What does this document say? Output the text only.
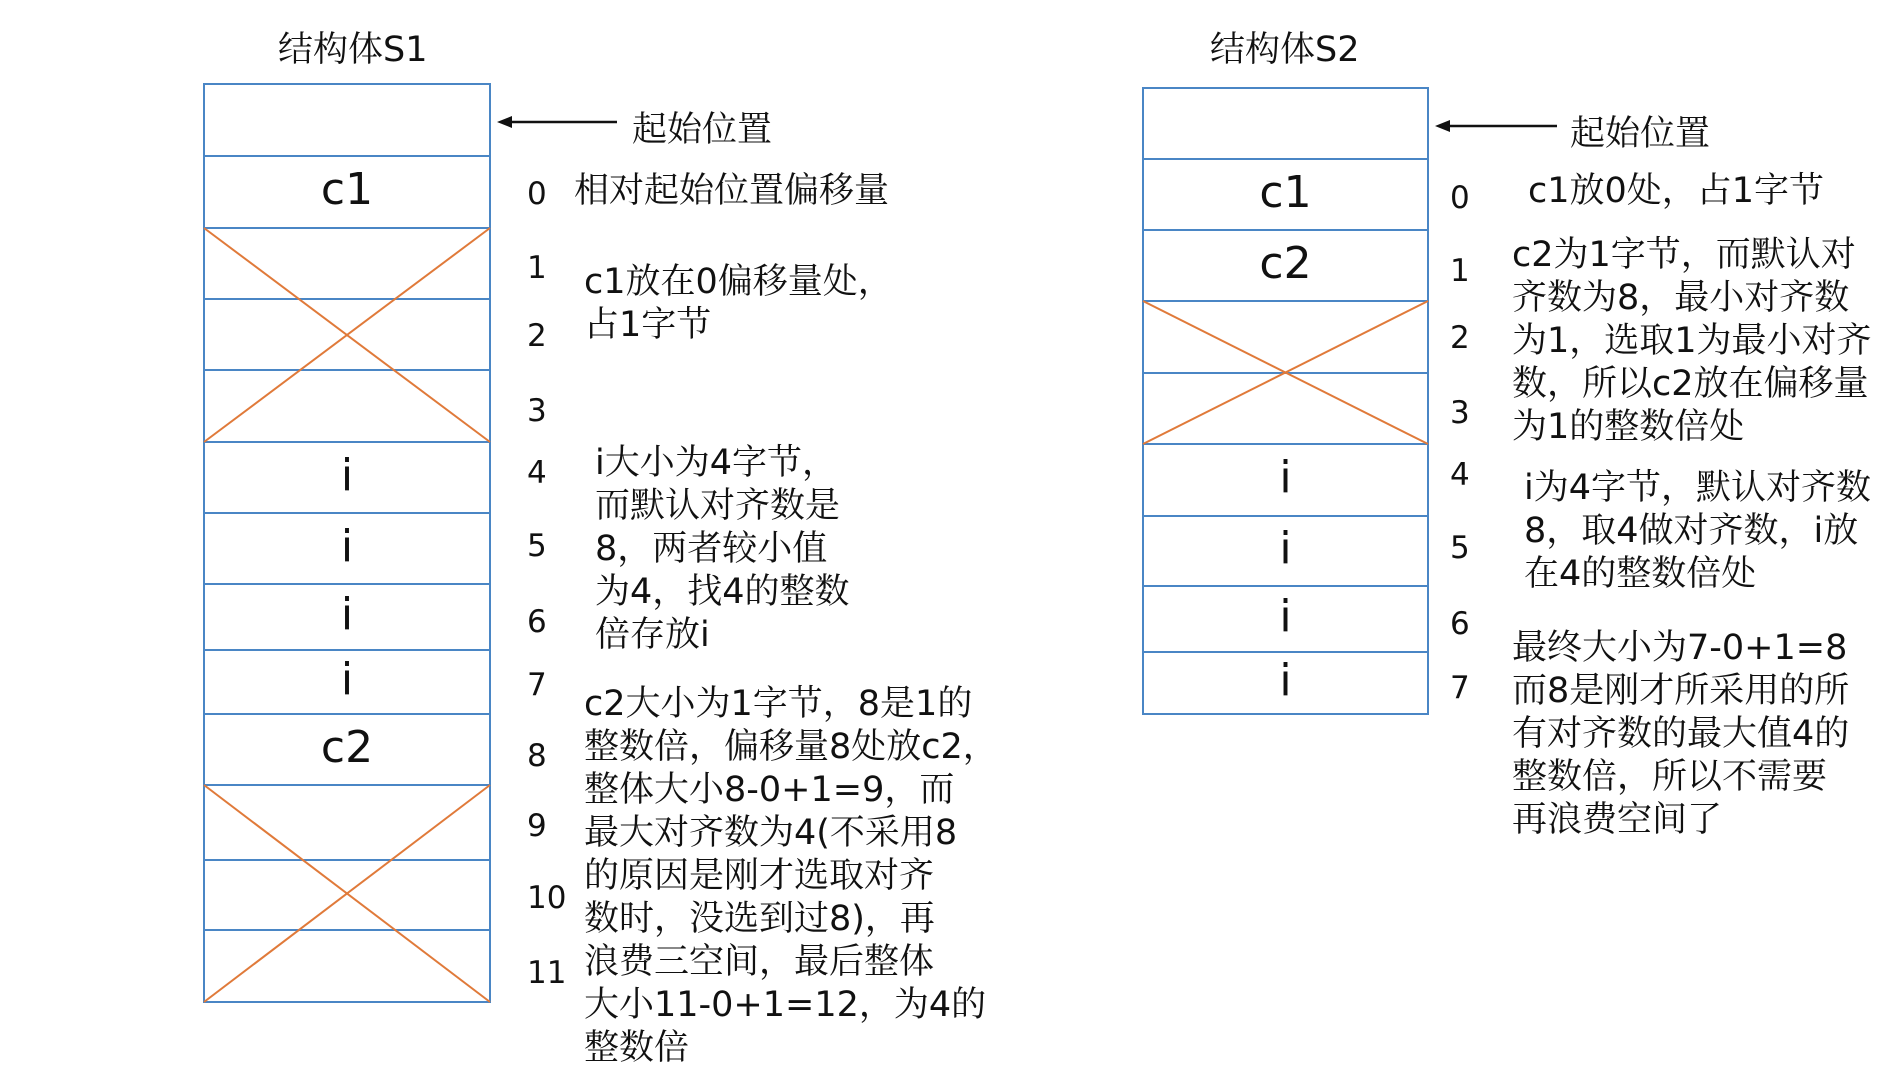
结构体S1	结构体S2
c1
i
i
i
i
c2
c1
c2
i
i
i
i
起始位置	起始位置
0
1
2
3
4
5
6
7
8
9
10
11
相对起始位置偏移量
c1放在0偏移量处，
占1字节
i大小为4字节，
而默认对齐数是
8，两者较小值
为4，找4的整数
倍存放i
c2大小为1字节，8是1的
整数倍，偏移量8处放c2，
整体大小8-0+1=9，而
最大对齐数为4(不采用8
的原因是刚才选取对齐
数时，没选到过8)，再
浪费三空间，最后整体
大小11-0+1=12，为4的
整数倍
0
1
2
3
4
5
6
7
c1放0处，占1字节
c2为1字节，而默认对
齐数为8，最小对齐数
为1，选取1为最小对齐
数，所以c2放在偏移量
为1的整数倍处
i为4字节，默认对齐数
8，取4做对齐数，i放
在4的整数倍处
最终大小为7-0+1=8
而8是刚才所采用的所
有对齐数的最大值4的
整数倍，所以不需要
再浪费空间了
